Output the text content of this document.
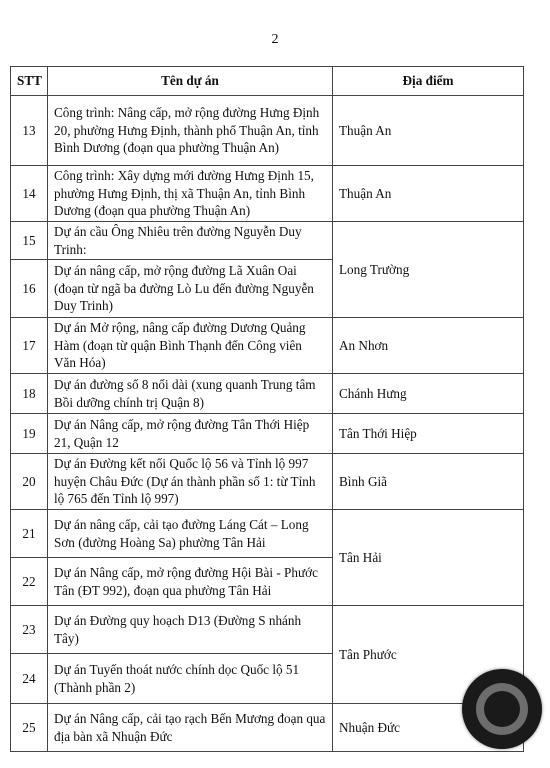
2
STT	Tên dự án	Địa điểm
13	Công trình: Nâng cấp, mở rộng đường Hưng Định 20, phường Hưng Định, thành phố Thuận An, tỉnh Bình Dương (đoạn qua phường Thuận An)	Thuận An
14	Công trình: Xây dựng mới đường Hưng Định 15, phường Hưng Định, thị xã Thuận An, tỉnh Bình Dương (đoạn qua phường Thuận An)	Thuận An
15	Dự án cầu Ông Nhiêu trên đường Nguyễn Duy Trinh:	Long Trường
16	Dự án nâng cấp, mở rộng đường Lã Xuân Oai (đoạn từ ngã ba đường Lò Lu đến đường Nguyễn Duy Trinh)	
17	Dự án Mở rộng, nâng cấp đường Dương Quảng Hàm (đoạn từ quận Bình Thạnh đến Công viên Văn Hóa)	An Nhơn
18	Dự án đường số 8 nối dài (xung quanh Trung tâm Bồi dưỡng chính trị Quận 8)	Chánh Hưng
19	Dự án Nâng cấp, mở rộng đường Tân Thới Hiệp 21, Quận 12	Tân Thới Hiệp
20	Dự án Đường kết nối Quốc lộ 56 và Tỉnh lộ 997 huyện Châu Đức (Dự án thành phần số 1: từ Tỉnh lộ 765 đến Tỉnh lộ 997)	Bình Giã
21	Dự án nâng cấp, cải tạo đường Láng Cát – Long Sơn (đường Hoàng Sa) phường Tân Hải	Tân Hải
22	Dự án Nâng cấp, mở rộng đường Hội Bài - Phước Tân (ĐT 992), đoạn qua phường Tân Hải	
23	Dự án Đường quy hoạch D13 (Đường S nhánh Tây)	Tân Phước
24	Dự án Tuyến thoát nước chính dọc Quốc lộ 51 (Thành phần 2)	
25	Dự án Nâng cấp, cải tạo rạch Bến Mương đoạn qua địa bàn xã Nhuận Đức	Nhuận Đức
